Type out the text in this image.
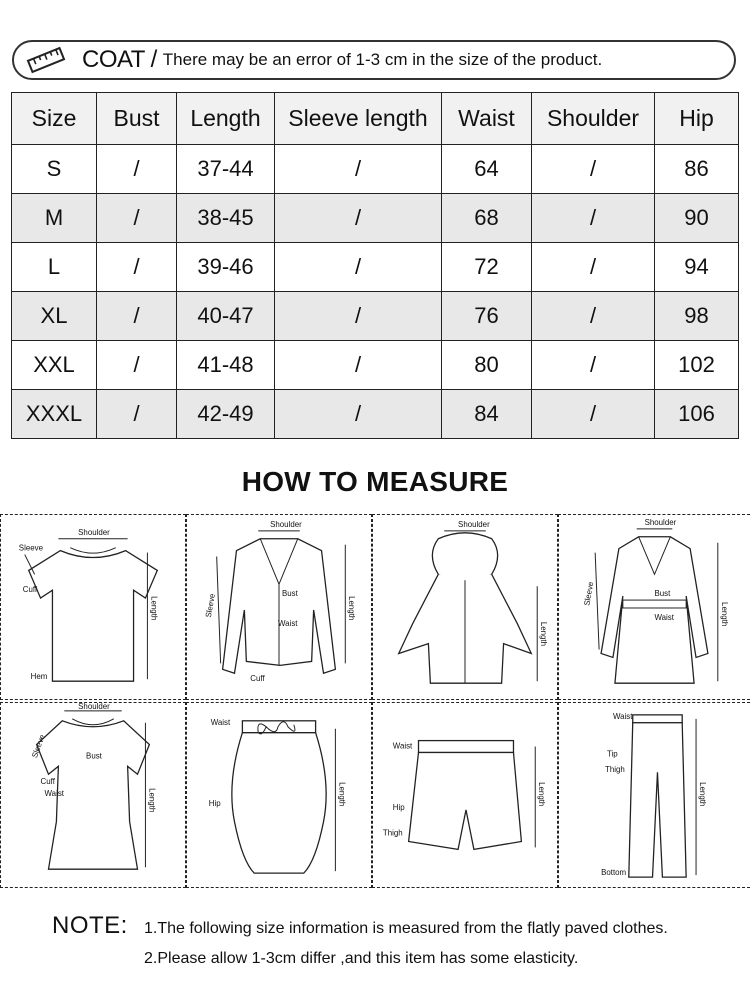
COAT / There may be an error of 1-3 cm in the size of the product.
Size	Bust	Length	Sleeve length	Waist	Shoulder	Hip
S	/	37-44	/	64	/	86
M	/	38-45	/	68	/	90
L	/	39-46	/	72	/	94
XL	/	40-47	/	76	/	98
XXL	/	41-48	/	80	/	102
XXXL	/	42-49	/	84	/	106
HOW TO MEASURE
Shoulder
Sleeve
Cuff
Hem
Length
Shoulder
Bust
Waist
Cuff
Length
Sleeve
Shoulder
Length
Shoulder
Bust
Waist	Length
Sleeve
Shoulder
Bust
Cuff
Waist	Length
Sleeve
Waist
Hip	Length
Waist
Hip
Thigh
Length
Waist
Tip
Thigh
Bottom
Length
NOTE: 1.The following size information is measured from the flatly paved clothes.
2.Please allow 1-3cm differ ,and this item has some elasticity.
